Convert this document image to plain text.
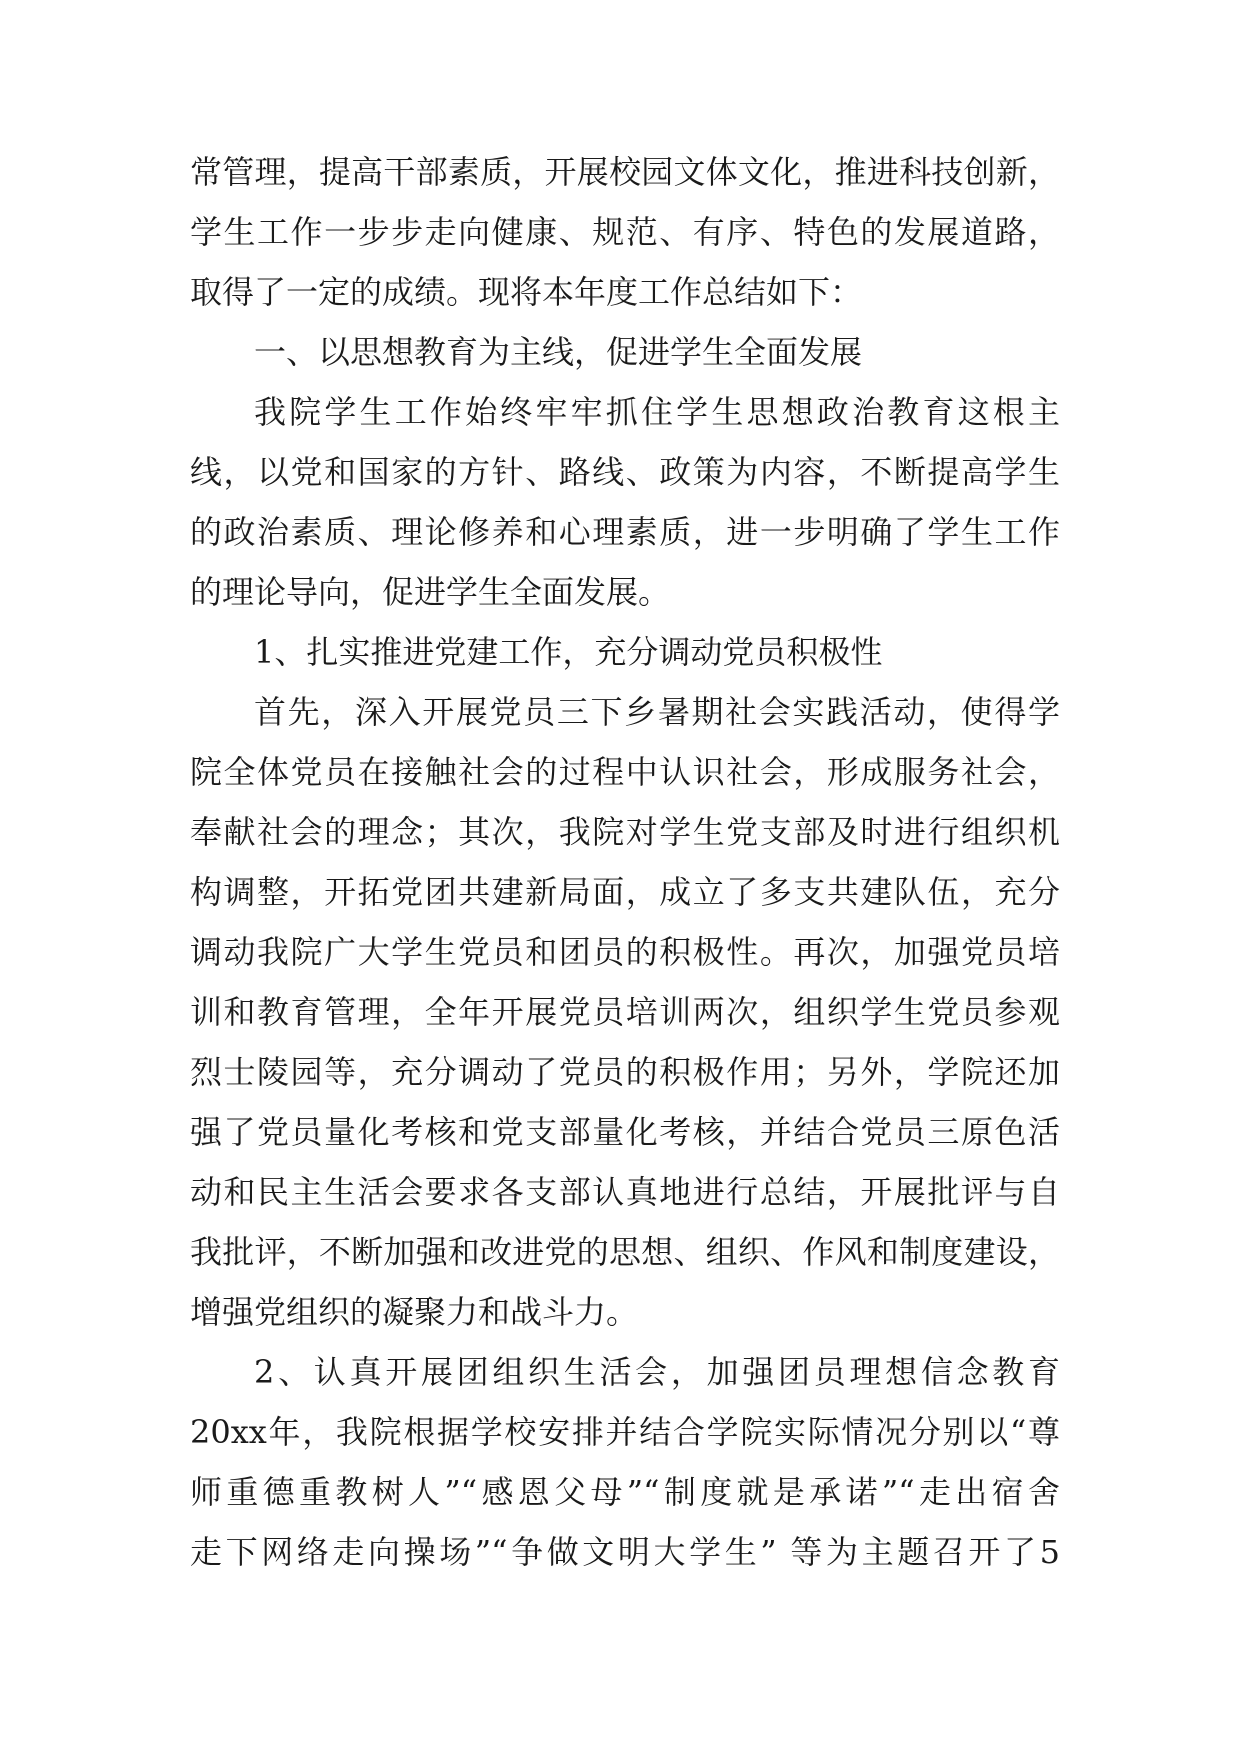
常管理，提高干部素质，开展校园文体文化，推进科技创新，
学生工作一步步走向健康、规范、有序、特色的发展道路，
取得了一定的成绩。现将本年度工作总结如下：
一、以思想教育为主线，促进学生全面发展
我院学生工作始终牢牢抓住学生思想政治教育这根主
线，以党和国家的方针、路线、政策为内容，不断提高学生
的政治素质、理论修养和心理素质，进一步明确了学生工作
的理论导向，促进学生全面发展。
1、扎实推进党建工作，充分调动党员积极性
首先，深入开展党员三下乡暑期社会实践活动，使得学
院全体党员在接触社会的过程中认识社会，形成服务社会，
奉献社会的理念；其次，我院对学生党支部及时进行组织机
构调整，开拓党团共建新局面，成立了多支共建队伍，充分
调动我院广大学生党员和团员的积极性。再次，加强党员培
训和教育管理，全年开展党员培训两次，组织学生党员参观
烈士陵园等，充分调动了党员的积极作用；另外，学院还加
强了党员量化考核和党支部量化考核，并结合党员三原色活
动和民主生活会要求各支部认真地进行总结，开展批评与自
我批评，不断加强和改进党的思想、组织、作风和制度建设，
增强党组织的凝聚力和战斗力。
2、认真开展团组织生活会，加强团员理想信念教育
20xx年，我院根据学校安排并结合学院实际情况分别以“尊
师重德重教树人”“感恩父母”“制度就是承诺”“走出宿舍
走下网络走向操场”“争做文明大学生” 等为主题召开了5
